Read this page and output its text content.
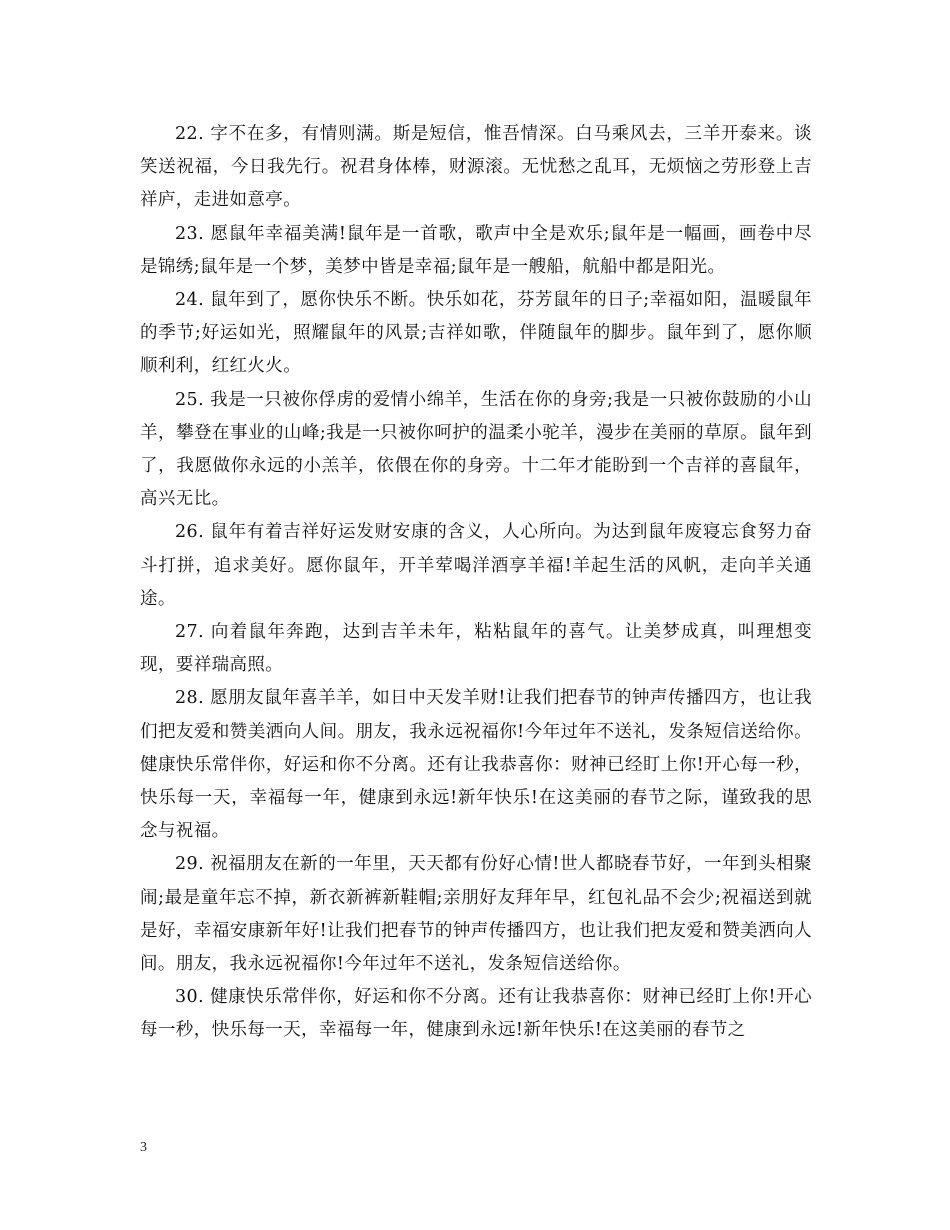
22. 字不在多，有情则满。斯是短信，惟吾情深。白马乘风去，三羊开泰来。谈笑送祝福，今日我先行。祝君身体棒，财源滚。无忧愁之乱耳，无烦恼之劳形登上吉祥庐，走进如意亭。

23. 愿鼠年幸福美满!鼠年是一首歌，歌声中全是欢乐;鼠年是一幅画，画卷中尽是锦绣;鼠年是一个梦，美梦中皆是幸福;鼠年是一艘船，航船中都是阳光。

24. 鼠年到了，愿你快乐不断。快乐如花，芬芳鼠年的日子;幸福如阳，温暖鼠年的季节;好运如光，照耀鼠年的风景;吉祥如歌，伴随鼠年的脚步。鼠年到了，愿你顺顺利利，红红火火。

25. 我是一只被你俘虏的爱情小绵羊，生活在你的身旁;我是一只被你鼓励的小山羊，攀登在事业的山峰;我是一只被你呵护的温柔小驼羊，漫步在美丽的草原。鼠年到了，我愿做你永远的小羔羊，依偎在你的身旁。十二年才能盼到一个吉祥的喜鼠年，高兴无比。

26. 鼠年有着吉祥好运发财安康的含义，人心所向。为达到鼠年废寝忘食努力奋斗打拼，追求美好。愿你鼠年，开羊荤喝洋酒享羊福!羊起生活的风帆，走向羊关通途。

27. 向着鼠年奔跑，达到吉羊未年，粘粘鼠年的喜气。让美梦成真，叫理想变现，要祥瑞高照。

28. 愿朋友鼠年喜羊羊，如日中天发羊财!让我们把春节的钟声传播四方，也让我们把友爱和赞美洒向人间。朋友，我永远祝福你!今年过年不送礼，发条短信送给你。健康快乐常伴你，好运和你不分离。还有让我恭喜你：财神已经盯上你!开心每一秒，快乐每一天，幸福每一年，健康到永远!新年快乐!在这美丽的春节之际，谨致我的思念与祝福。

29. 祝福朋友在新的一年里，天天都有份好心情!世人都晓春节好，一年到头相聚闹;最是童年忘不掉，新衣新裤新鞋帽;亲朋好友拜年早，红包礼品不会少;祝福送到就是好，幸福安康新年好!让我们把春节的钟声传播四方，也让我们把友爱和赞美洒向人间。朋友，我永远祝福你!今年过年不送礼，发条短信送给你。

30. 健康快乐常伴你，好运和你不分离。还有让我恭喜你：财神已经盯上你!开心每一秒，快乐每一天，幸福每一年，健康到永远!新年快乐!在这美丽的春节之

3
